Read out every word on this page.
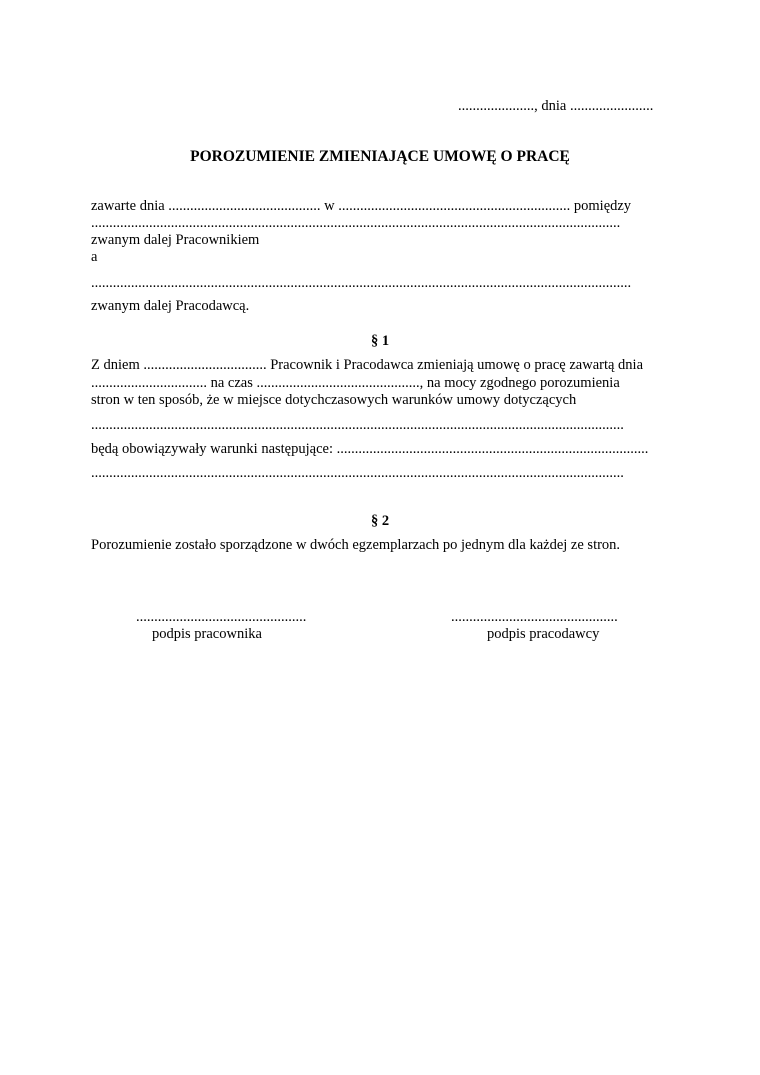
....................., dnia .......................
POROZUMIENIE ZMIENIAJĄCE UMOWĘ O PRACĘ
zawarte dnia .......................................... w ................................................................ pomiędzy
..................................................................................................................................................
zwanym dalej Pracownikiem
a
.....................................................................................................................................................
zwanym dalej Pracodawcą.
§ 1
Z dniem .................................. Pracownik i Pracodawca zmieniają umowę o pracę zawartą dnia
................................ na czas ............................................., na mocy zgodnego porozumienia
stron w ten sposób, że w miejsce dotychczasowych warunków umowy dotyczących
...................................................................................................................................................
będą obowiązywały warunki następujące: ......................................................................................
...................................................................................................................................................
§ 2
Porozumienie zostało sporządzone w dwóch egzemplarzach po jednym dla każdej ze stron.
...............................................
podpis pracownika
..............................................
podpis pracodawcy
